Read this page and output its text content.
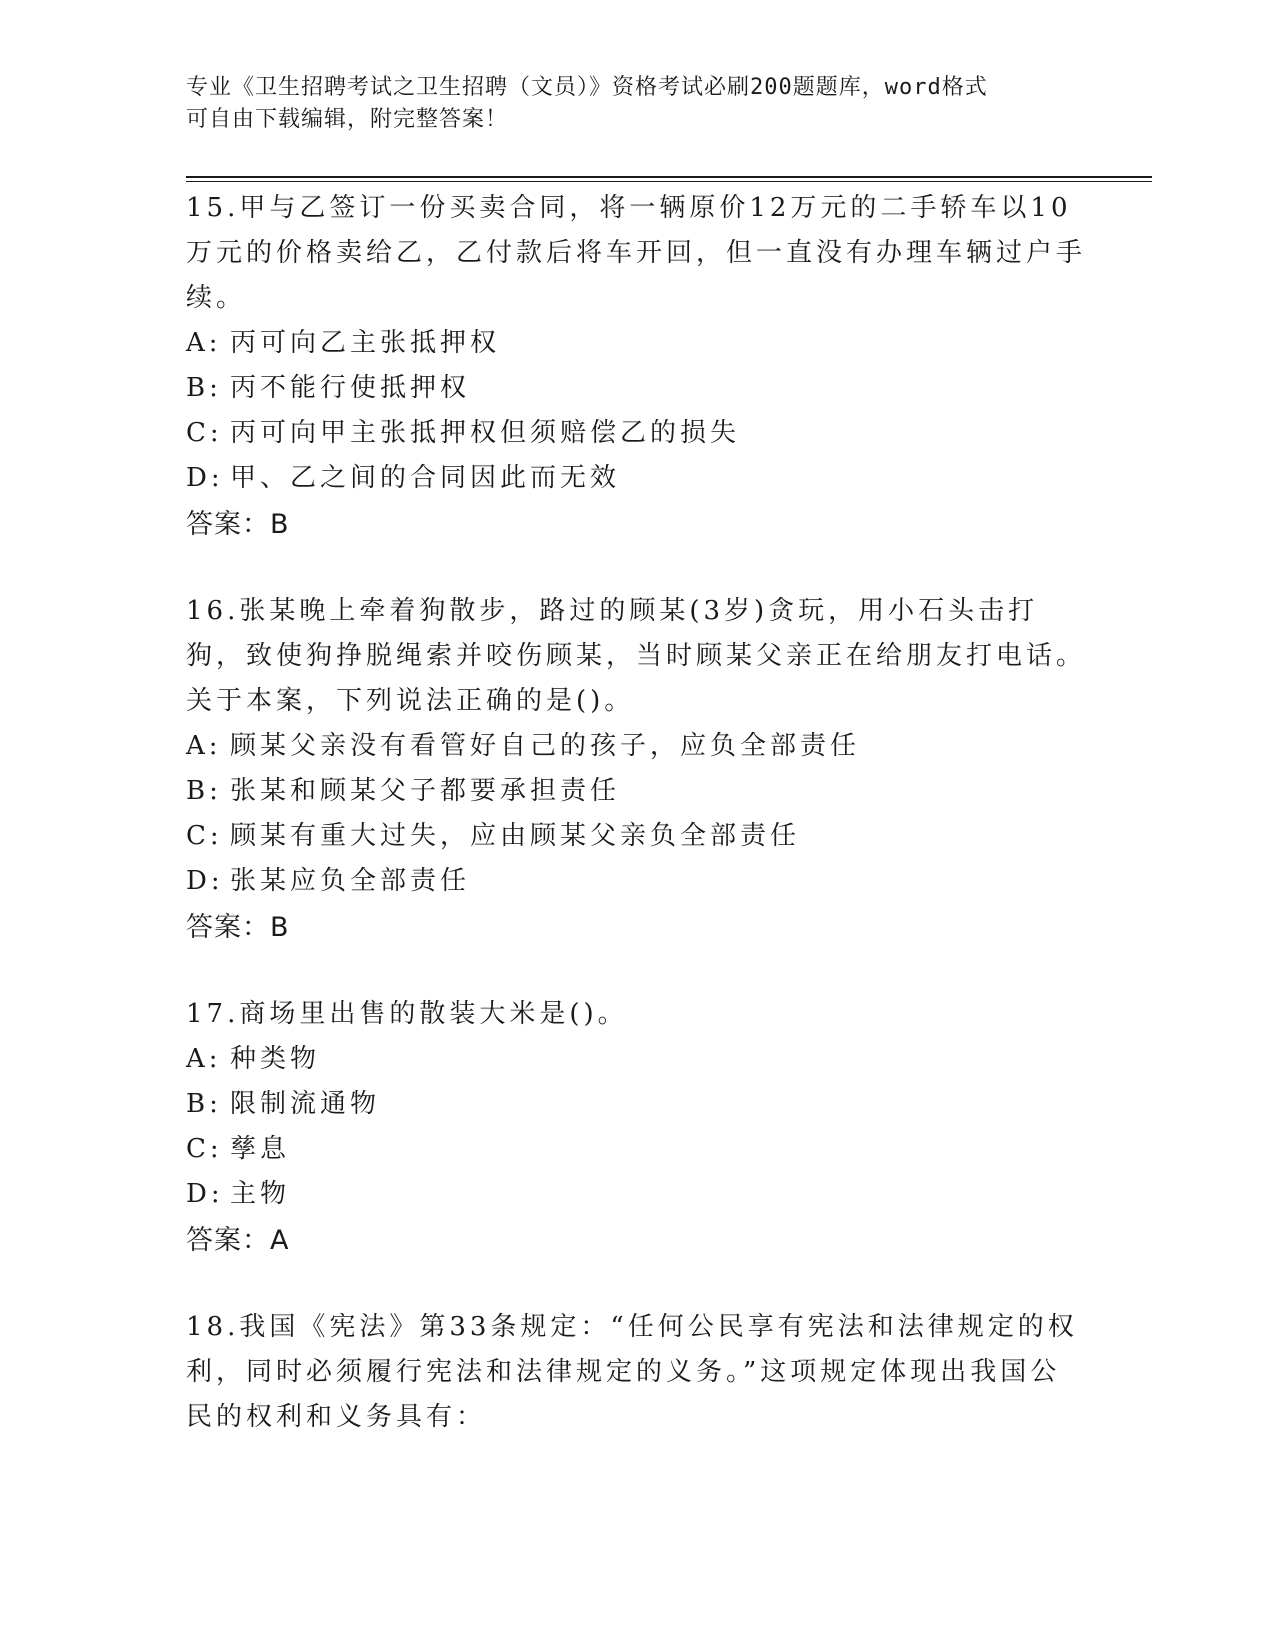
专业《卫生招聘考试之卫生招聘（文员）》资格考试必刷200题题库，word格式
可自由下载编辑，附完整答案！
15.甲与乙签订一份买卖合同，将一辆原价12万元的二手轿车以10万元的价格卖给乙，乙付款后将车开回，但一直没有办理车辆过户手续。
A: 丙可向乙主张抵押权
B: 丙不能行使抵押权
C: 丙可向甲主张抵押权但须赔偿乙的损失
D: 甲、乙之间的合同因此而无效
答案：B
16.张某晚上牵着狗散步，路过的顾某(3岁)贪玩，用小石头击打狗，致使狗挣脱绳索并咬伤顾某，当时顾某父亲正在给朋友打电话。关于本案，下列说法正确的是()。
A: 顾某父亲没有看管好自己的孩子，应负全部责任
B: 张某和顾某父子都要承担责任
C: 顾某有重大过失，应由顾某父亲负全部责任
D: 张某应负全部责任
答案：B
17.商场里出售的散装大米是()。
A: 种类物
B: 限制流通物
C: 孳息
D: 主物
答案：A
18.我国《宪法》第33条规定：“任何公民享有宪法和法律规定的权利，同时必须履行宪法和法律规定的义务。”这项规定体现出我国公民的权利和义务具有：
